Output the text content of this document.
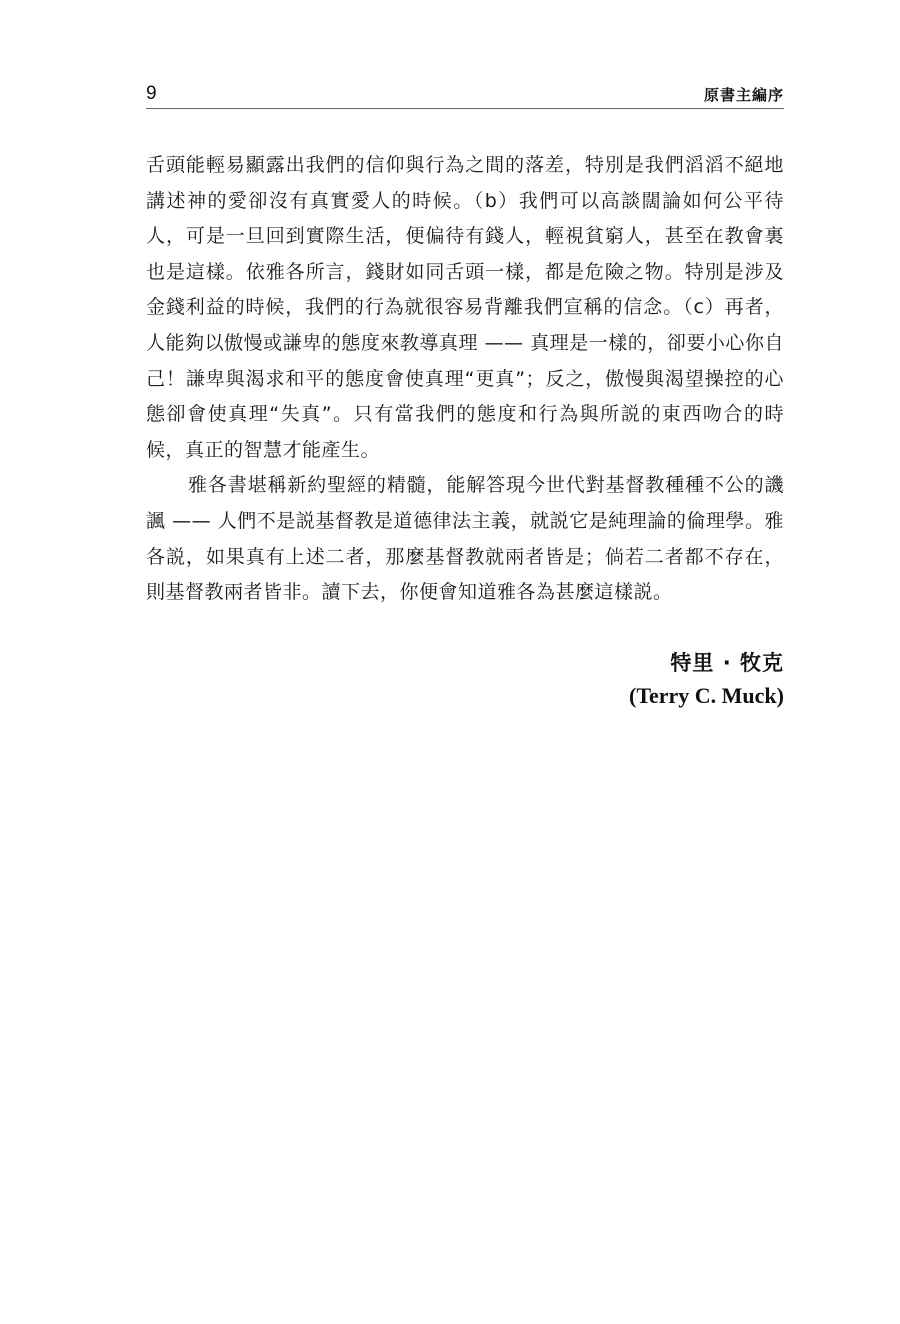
9	原書主編序

舌頭能輕易顯露出我們的信仰與行為之間的落差，特別是我們滔滔不絕地講述神的愛卻沒有真實愛人的時候。（b）我們可以高談闊論如何公平待人，可是一旦回到實際生活，便偏待有錢人，輕視貧窮人，甚至在教會裏也是這樣。依雅各所言，錢財如同舌頭一樣，都是危險之物。特別是涉及金錢利益的時候，我們的行為就很容易背離我們宣稱的信念。（c）再者，人能夠以傲慢或謙卑的態度來教導真理 —— 真理是一樣的，卻要小心你自己！謙卑與渴求和平的態度會使真理“更真”；反之，傲慢與渴望操控的心態卻會使真理“失真”。只有當我們的態度和行為與所説的東西吻合的時候，真正的智慧才能產生。

雅各書堪稱新約聖經的精髓，能解答現今世代對基督教種種不公的譏諷 —— 人們不是説基督教是道德律法主義，就説它是純理論的倫理學。雅各説，如果真有上述二者，那麼基督教就兩者皆是；倘若二者都不存在，則基督教兩者皆非。讀下去，你便會知道雅各為甚麼這樣説。

特里 · 牧克
(Terry C. Muck)
